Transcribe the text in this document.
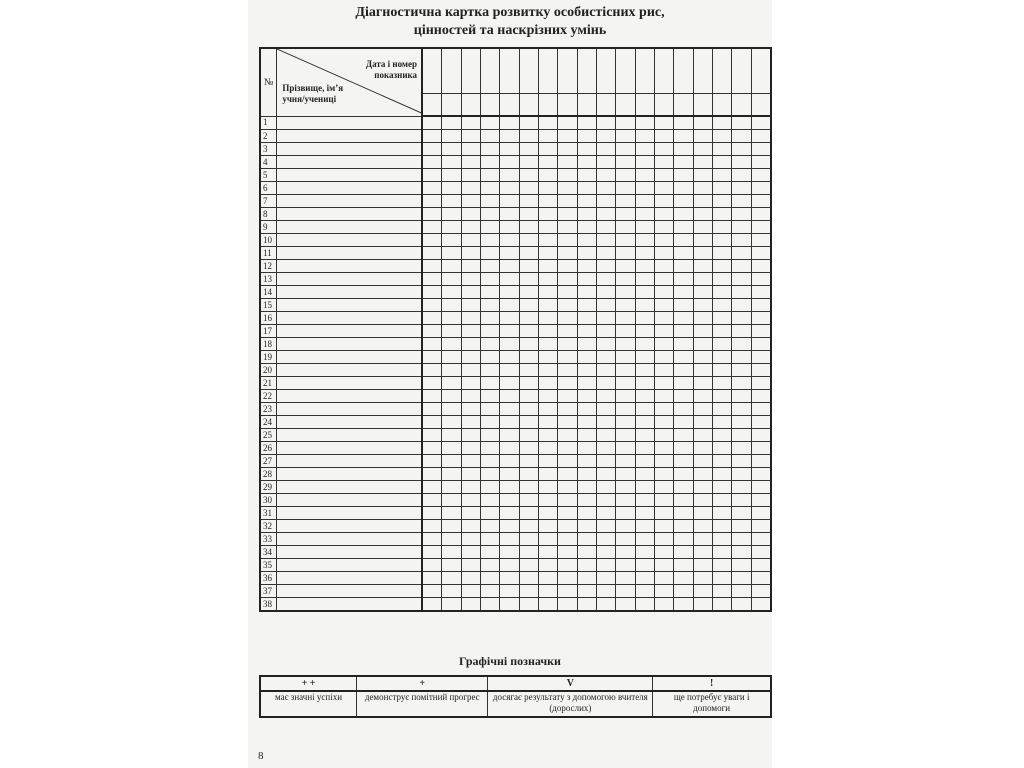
Діагностична картка розвитку особистісних рис,
цінностей та наскрізних умінь
№	Дата і номер
показника
Прізвище, ім’я
учня/учениці																		

1																			
2																			
3																			
4																			
5																			
6																			
7																			
8																			
9																			
10																			
11																			
12																			
13																			
14																			
15																			
16																			
17																			
18																			
19																			
20																			
21																			
22																			
23																			
24																			
25																			
26																			
27																			
28																			
29																			
30																			
31																			
32																			
33																			
34																			
35																			
36																			
37																			
38																			
Графічні позначки
+ +	+	V	!
має значні успіхи	демонструє помітний прогрес	досягає результату з допомогою вчителя (дорослих)	ще потребує уваги і допомоги
8
